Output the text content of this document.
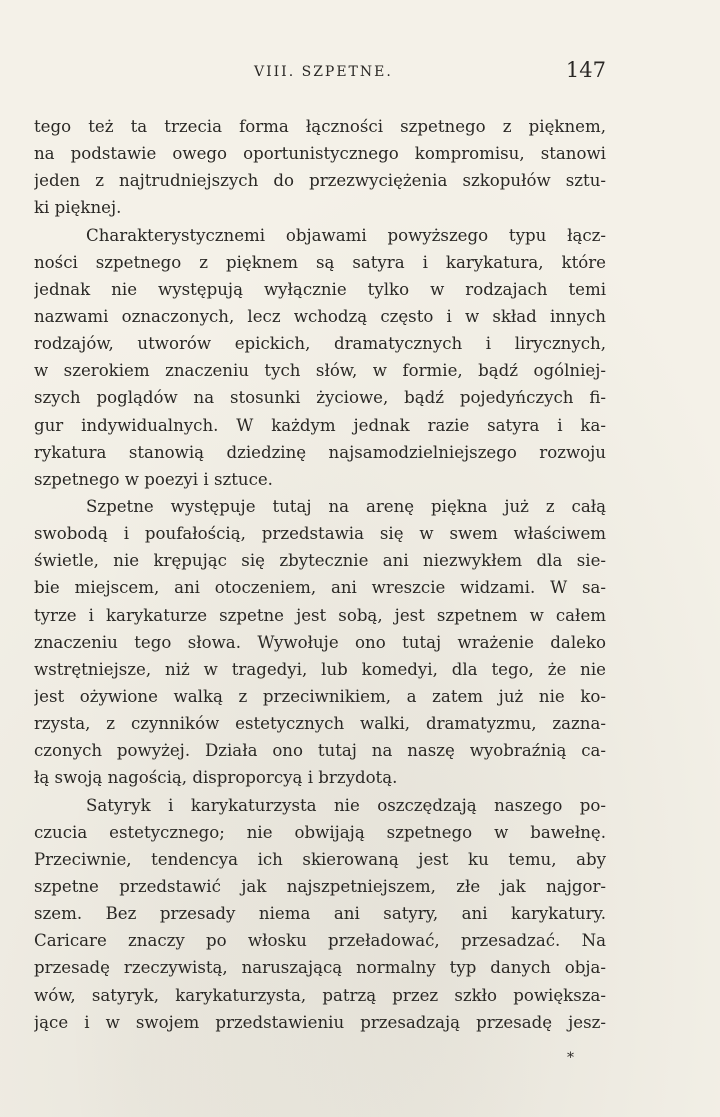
VIII. SZPETNE.	147
tego też ta trzecia forma łączności szpetnego z pięknem,
na podstawie owego oportunistycznego kompromisu, stanowi
jeden z najtrudniejszych do przezwyciężenia szkopułów sztu-
ki pięknej.
Charakterystycznemi objawami powyższego typu łącz-
ności szpetnego z pięknem są satyra i karykatura, które
jednak nie występują wyłącznie tylko w rodzajach temi
nazwami oznaczonych, lecz wchodzą często i w skład innych
rodzajów, utworów epickich, dramatycznych i lirycznych,
w szerokiem znaczeniu tych słów, w formie, bądź ogólniej-
szych poglądów na stosunki życiowe, bądź pojedyńczych fi-
gur indywidualnych. W każdym jednak razie satyra i ka-
rykatura stanowią dziedzinę najsamodzielniejszego rozwoju
szpetnego w poezyi i sztuce.
Szpetne występuje tutaj na arenę piękna już z całą
swobodą i poufałością, przedstawia się w swem właściwem
świetle, nie krępując się zbytecznie ani niezwykłem dla sie-
bie miejscem, ani otoczeniem, ani wreszcie widzami. W sa-
tyrze i karykaturze szpetne jest sobą, jest szpetnem w całem
znaczeniu tego słowa. Wywołuje ono tutaj wrażenie daleko
wstrętniejsze, niż w tragedyi, lub komedyi, dla tego, że nie
jest ożywione walką z przeciwnikiem, a zatem już nie ko-
rzysta, z czynników estetycznych walki, dramatyzmu, zazna-
czonych powyżej. Działa ono tutaj na naszę wyobraźnią ca-
łą swoją nagością, disproporcyą i brzydotą.
Satyryk i karykaturzysta nie oszczędzają naszego po-
czucia estetycznego; nie obwijają szpetnego w bawełnę.
Przeciwnie, tendencya ich skierowaną jest ku temu, aby
szpetne przedstawić jak najszpetniejszem, złe jak najgor-
szem. Bez przesady niema ani satyry, ani karykatury.
Caricare znaczy po włosku przeładować, przesadzać. Na
przesadę rzeczywistą, naruszającą normalny typ danych obja-
wów, satyryk, karykaturzysta, patrzą przez szkło powiększa-
jące i w swojem przedstawieniu przesadzają przesadę jesz-
*
